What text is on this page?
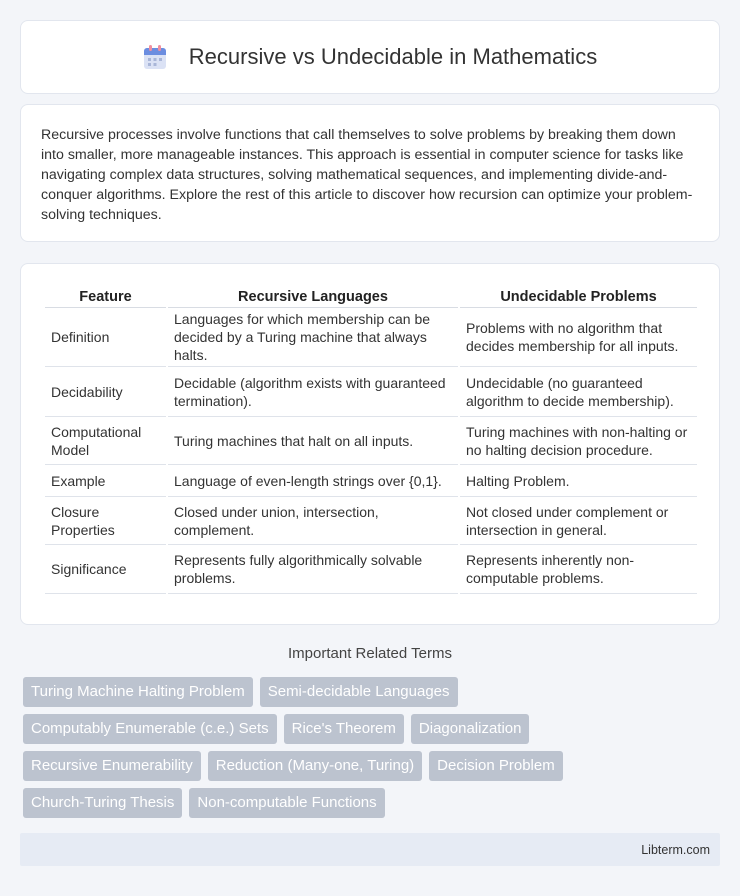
Recursive vs Undecidable in Mathematics

Recursive processes involve functions that call themselves to solve problems by breaking them down into smaller, more manageable instances. This approach is essential in computer science for tasks like navigating complex data structures, solving mathematical sequences, and implementing divide-and-conquer algorithms. Explore the rest of this article to discover how recursion can optimize your problem-solving techniques.

Feature	Recursive Languages	Undecidable Problems
Definition	Languages for which membership can be decided by a Turing machine that always halts.	Problems with no algorithm that decides membership for all inputs.
Decidability	Decidable (algorithm exists with guaranteed termination).	Undecidable (no guaranteed algorithm to decide membership).
Computational Model	Turing machines that halt on all inputs.	Turing machines with non-halting or no halting decision procedure.
Example	Language of even-length strings over {0,1}.	Halting Problem.
Closure Properties	Closed under union, intersection, complement.	Not closed under complement or intersection in general.
Significance	Represents fully algorithmically solvable problems.	Represents inherently non-computable problems.
Important Related Terms
Turing Machine Halting Problem	Semi-decidable Languages
Computably Enumerable (c.e.) Sets	Rice's Theorem	Diagonalization
Recursive Enumerability	Reduction (Many-one, Turing)	Decision Problem
Church-Turing Thesis	Non-computable Functions
Libterm.com
